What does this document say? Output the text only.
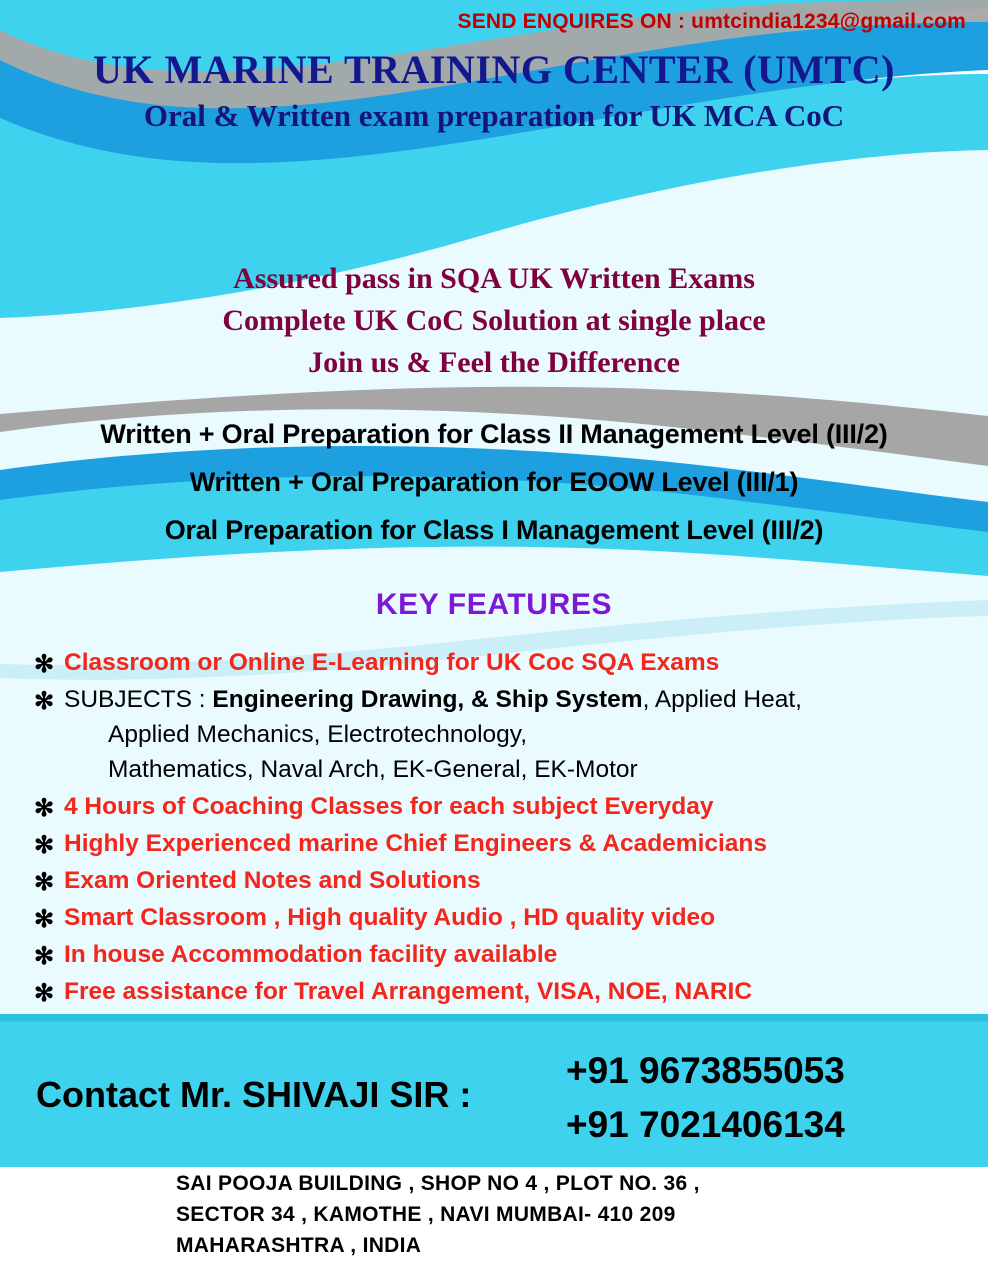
SEND ENQUIRES ON : umtcindia1234@gmail.com
UK MARINE TRAINING CENTER (UMTC)
Oral & Written exam preparation for UK MCA CoC
Assured pass in SQA UK Written Exams
Complete UK CoC Solution at single place
Join us & Feel the Difference
Written + Oral Preparation for Class II Management Level (III/2)
Written + Oral Preparation for EOOW Level (III/1)
Oral Preparation for Class I Management Level (III/2)
KEY FEATURES
✻ Classroom or Online E-Learning for UK Coc SQA Exams
✻ SUBJECTS : Engineering Drawing, & Ship System, Applied Heat,
Applied Mechanics, Electrotechnology,
Mathematics, Naval Arch, EK-General, EK-Motor
✻ 4 Hours of Coaching Classes for each subject Everyday
✻ Highly Experienced marine Chief Engineers & Academicians
✻ Exam Oriented Notes and Solutions
✻ Smart Classroom , High quality Audio , HD quality video
✻ In house Accommodation facility available
✻ Free assistance for Travel Arrangement, VISA, NOE, NARIC
Contact Mr. SHIVAJI SIR :
+91 9673855053
+91 7021406134
SAI POOJA BUILDING , SHOP NO 4 , PLOT NO. 36 ,
SECTOR 34 , KAMOTHE , NAVI MUMBAI- 410 209
MAHARASHTRA , INDIA
